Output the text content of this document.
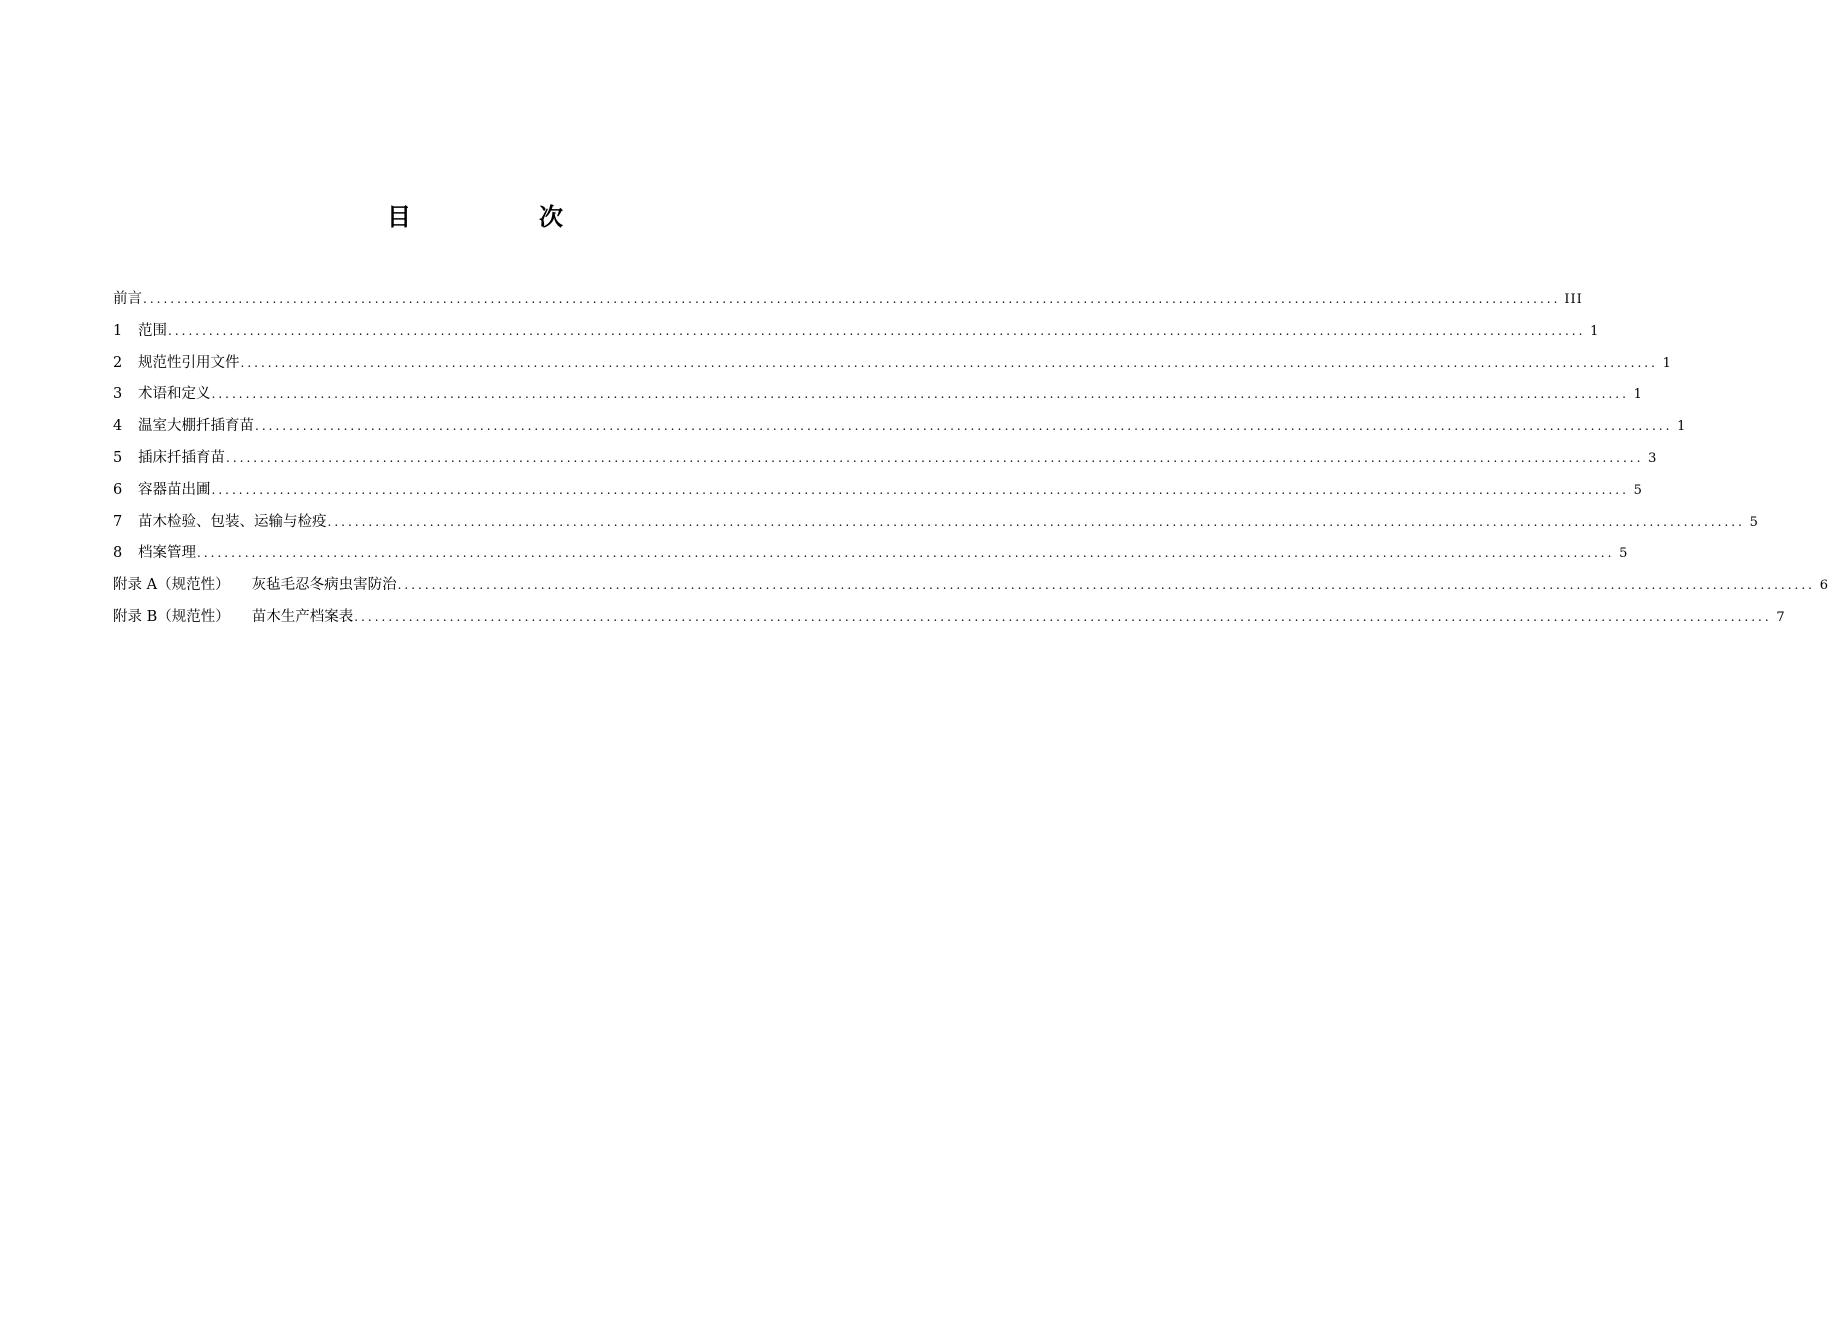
目　次
前言 ................................................................................................................................................................................................................ III
1	范围 ................................................................................................................................................................................................................ 1
2	规范性引用文件 ................................................................................................................................................................................................................ 1
3	术语和定义 ................................................................................................................................................................................................................ 1
4	温室大棚扦插育苗 ................................................................................................................................................................................................................ 1
5	插床扦插育苗 ................................................................................................................................................................................................................ 3
6	容器苗出圃 ................................................................................................................................................................................................................ 5
7	苗木检验、包装、运输与检疫 ................................................................................................................................................................................................................ 5
8	档案管理 ................................................................................................................................................................................................................ 5
附录 A（规范性） 灰毡毛忍冬病虫害防治 ................................................................................................................................................................................................................ 6
附录 B（规范性） 苗木生产档案表 ................................................................................................................................................................................................................ 7
